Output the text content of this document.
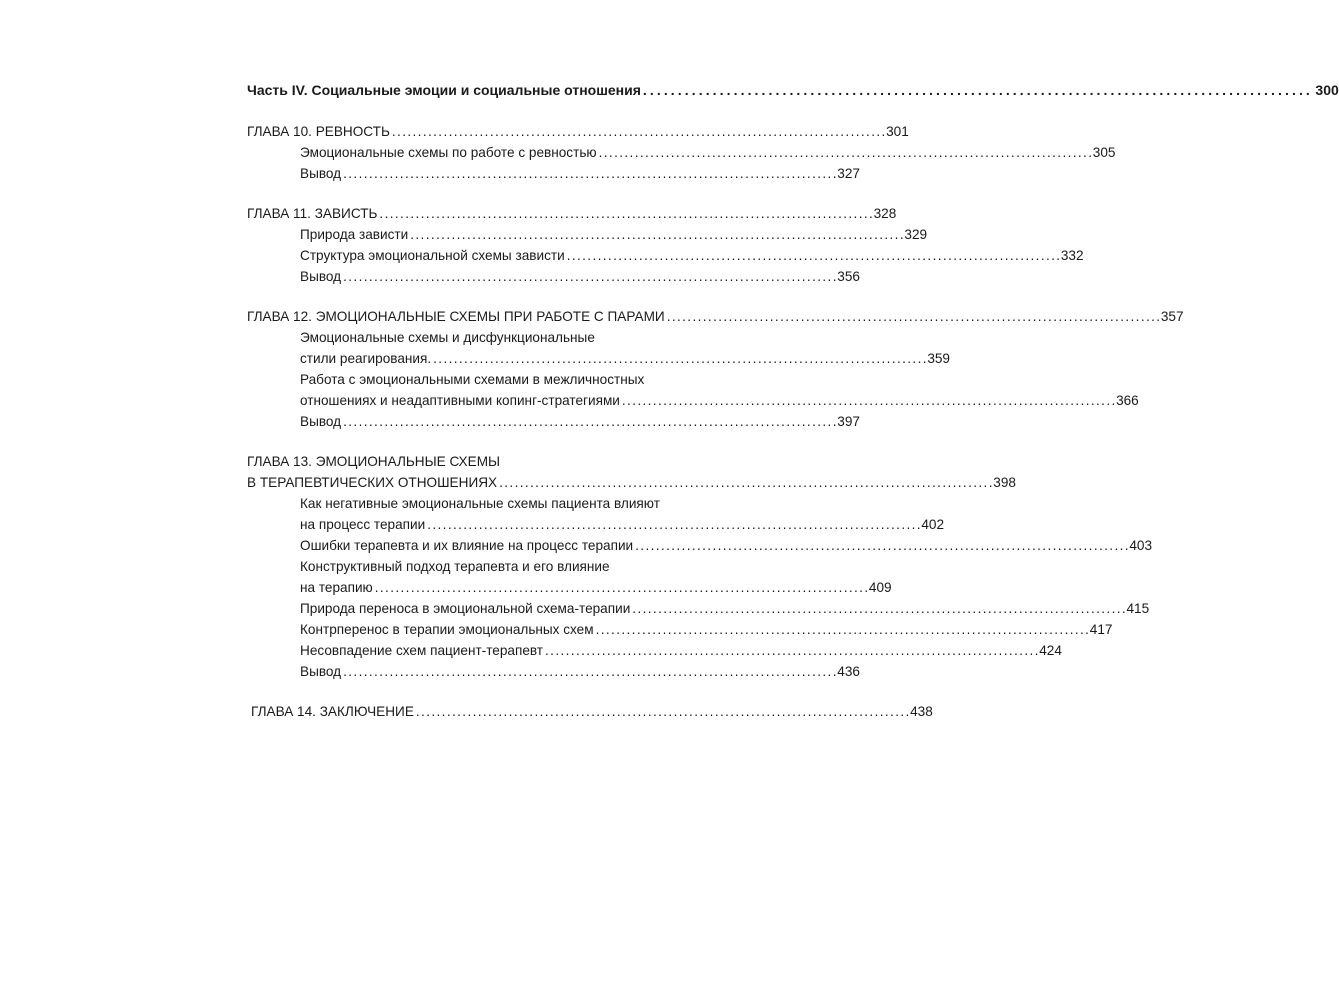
Часть IV. Социальные эмоции и социальные отношения . . .	300
ГЛАВА 10. РЕВНОСТЬ . . .	301
Эмоциональные схемы по работе с ревностью . . .	305
Вывод . . .	327
ГЛАВА 11. ЗАВИСТЬ . . .	328
Природа зависти . . .	329
Структура эмоциональной схемы зависти . . .	332
Вывод . . .	356
ГЛАВА 12. ЭМОЦИОНАЛЬНЫЕ СХЕМЫ ПРИ РАБОТЕ С ПАРАМИ . . .	357
Эмоциональные схемы и дисфункциональные
стили реагирования. . . .	359
Работа с эмоциональными схемами в межличностных
отношениях и неадаптивными копинг-стратегиями . . .	366
Вывод . . .	397
ГЛАВА 13. ЭМОЦИОНАЛЬНЫЕ СХЕМЫ
В ТЕРАПЕВТИЧЕСКИХ ОТНОШЕНИЯХ . . .	398
Как негативные эмоциональные схемы пациента влияют
на процесс терапии . . .	402
Ошибки терапевта и их влияние на процесс терапии . . .	403
Конструктивный подход терапевта и его влияние
на терапию . . .	409
Природа переноса в эмоциональной схема-терапии . . .	415
Контрперенос в терапии эмоциональных схем . . .	417
Несовпадение схем пациент-терапевт . . .	424
Вывод . . .	436
ГЛАВА 14. ЗАКЛЮЧЕНИЕ . . .	438
